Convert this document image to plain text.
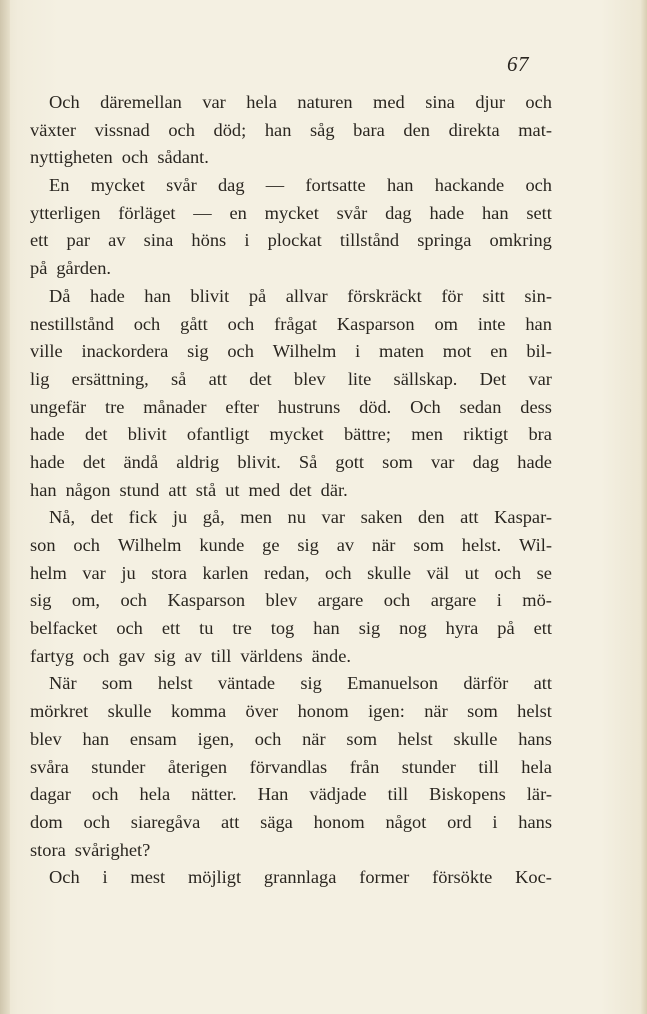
67
Och däremellan var hela naturen med sina djur och
växter vissnad och död; han såg bara den direkta mat-
nyttigheten och sådant.
En mycket svår dag — fortsatte han hackande och
ytterligen förläget — en mycket svår dag hade han sett
ett par av sina höns i plockat tillstånd springa omkring
på gården.
Då hade han blivit på allvar förskräckt för sitt sin-
nestillstånd och gått och frågat Kasparson om inte han
ville inackordera sig och Wilhelm i maten mot en bil-
lig ersättning, så att det blev lite sällskap. Det var
ungefär tre månader efter hustruns död. Och sedan dess
hade det blivit ofantligt mycket bättre; men riktigt bra
hade det ändå aldrig blivit. Så gott som var dag hade
han någon stund att stå ut med det där.
Nå, det fick ju gå, men nu var saken den att Kaspar-
son och Wilhelm kunde ge sig av när som helst. Wil-
helm var ju stora karlen redan, och skulle väl ut och se
sig om, och Kasparson blev argare och argare i mö-
belfacket och ett tu tre tog han sig nog hyra på ett
fartyg och gav sig av till världens ände.
När som helst väntade sig Emanuelson därför att
mörkret skulle komma över honom igen: när som helst
blev han ensam igen, och när som helst skulle hans
svåra stunder återigen förvandlas från stunder till hela
dagar och hela nätter. Han vädjade till Biskopens lär-
dom och siaregåva att säga honom något ord i hans
stora svårighet?
Och i mest möjligt grannlaga former försökte Koc-
